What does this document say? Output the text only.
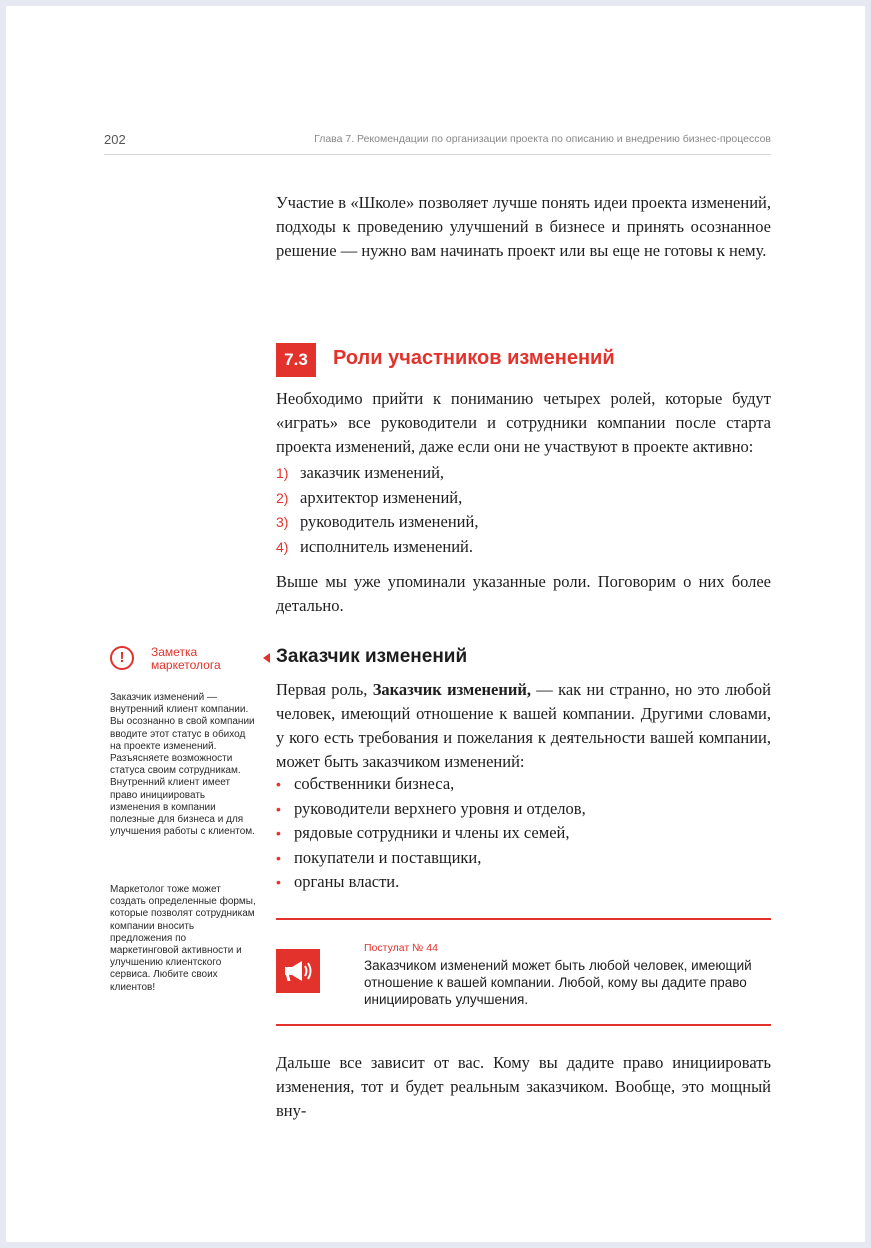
202	Глава 7. Рекомендации по организации проекта по описанию и внедрению бизнес-процессов

Участие в «Школе» позволяет лучше понять идеи проекта изменений, подходы к проведению улучшений в бизнесе и принять осознанное решение — нужно вам начинать проект или вы еще не готовы к нему.

7.3	Роли участников изменений

Необходимо прийти к пониманию четырех ролей, которые будут «играть» все руководители и сотрудники компании после старта проекта изменений, даже если они не участвуют в проекте активно:

1) заказчик изменений,
2) архитектор изменений,
3) руководитель изменений,
4) исполнитель изменений.

Выше мы уже упоминали указанные роли. Поговорим о них более детально.

Заказчик изменений

Первая роль, Заказчик изменений, — как ни странно, но это любой человек, имеющий отношение к вашей компании. Другими словами, у кого есть требования и пожелания к деятельности вашей компании, может быть заказчиком изменений:

• собственники бизнеса,
• руководители верхнего уровня и отделов,
• рядовые сотрудники и члены их семей,
• покупатели и поставщики,
• органы власти.
Постулат № 44
Заказчиком изменений может быть любой человек, имеющий отношение к вашей компании. Любой, кому вы дадите право инициировать улучшения.

Дальше все зависит от вас. Кому вы дадите право инициировать изменения, тот и будет реальным заказчиком. Вообще, это мощный вну-

!	Заметка
маркетолога

Заказчик изменений — внутренний клиент компании. Вы осознанно в свой компании вводите этот статус в обиход на проекте изменений. Разъясняете возможности статуса своим сотрудникам. Внутренний клиент имеет право инициировать изменения в компании полезные для бизнеса и для улучшения работы с клиентом.

Маркетолог тоже может создать определенные формы, которые позволят сотрудникам компании вносить предложения по маркетинговой активности и улучшению клиентского сервиса. Любите своих клиентов!
